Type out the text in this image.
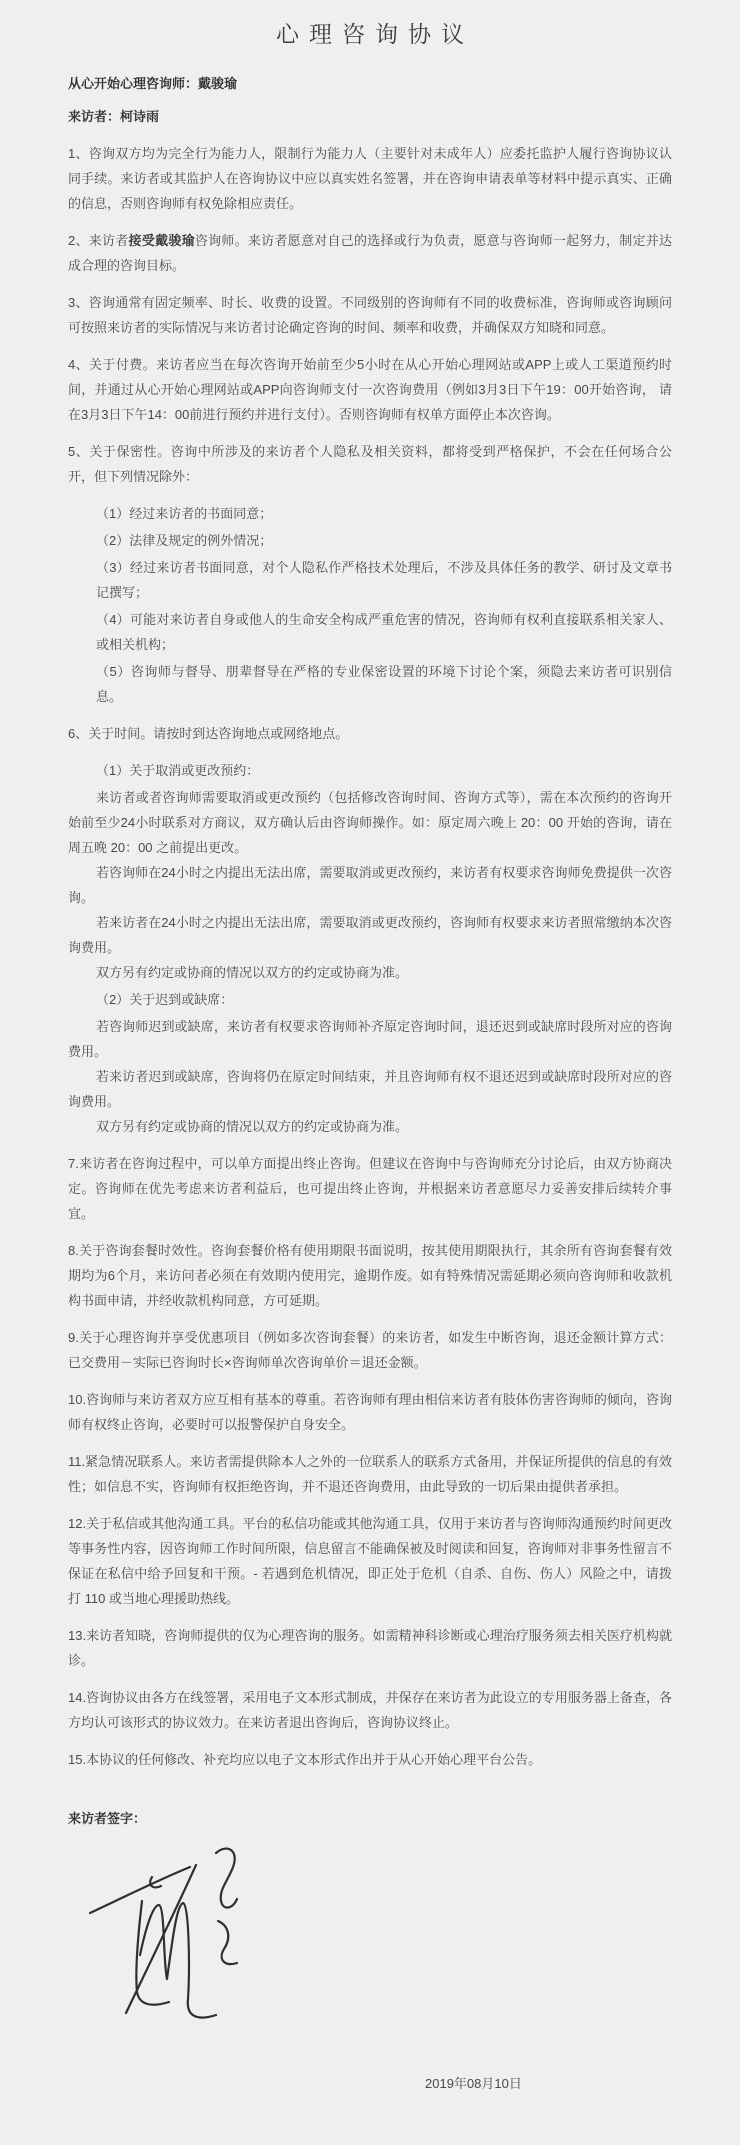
心理咨询协议

从心开始心理咨询师：戴骏瑜

来访者：柯诗雨

1、咨询双方均为完全行为能力人，限制行为能力人（主要针对未成年人）应委托监护人履行咨询协议认同手续。来访者或其监护人在咨询协议中应以真实姓名签署，并在咨询申请表单等材料中提示真实、正确的信息，否则咨询师有权免除相应责任。

2、来访者接受戴骏瑜咨询师。来访者愿意对自己的选择或行为负责，愿意与咨询师一起努力，制定并达成合理的咨询目标。

3、咨询通常有固定频率、时长、收费的设置。不同级别的咨询师有不同的收费标准，咨询师或咨询顾问可按照来访者的实际情况与来访者讨论确定咨询的时间、频率和收费，并确保双方知晓和同意。

4、关于付费。来访者应当在每次咨询开始前至少5小时在从心开始心理网站或APP上或人工渠道预约时间，并通过从心开始心理网站或APP向咨询师支付一次咨询费用（例如3月3日下午19：00开始咨询， 请在3月3日下午14：00前进行预约并进行支付）。否则咨询师有权单方面停止本次咨询。

5、关于保密性。咨询中所涉及的来访者个人隐私及相关资料，都将受到严格保护，不会在任何场合公开，但下列情况除外：

（1）经过来访者的书面同意；

（2）法律及规定的例外情况；

（3）经过来访者书面同意，对个人隐私作严格技术处理后，不涉及具体任务的教学、研讨及文章书记撰写；

（4）可能对来访者自身或他人的生命安全构成严重危害的情况，咨询师有权利直接联系相关家人、或相关机构；

（5）咨询师与督导、朋辈督导在严格的专业保密设置的环境下讨论个案，须隐去来访者可识别信息。

6、关于时间。请按时到达咨询地点或网络地点。

（1）关于取消或更改预约：

来访者或者咨询师需要取消或更改预约（包括修改咨询时间、咨询方式等），需在本次预约的咨询开始前至少24小时联系对方商议，双方确认后由咨询师操作。如：原定周六晚上 20：00 开始的咨询，请在周五晚 20：00 之前提出更改。

若咨询师在24小时之内提出无法出席，需要取消或更改预约，来访者有权要求咨询师免费提供一次咨询。

若来访者在24小时之内提出无法出席，需要取消或更改预约，咨询师有权要求来访者照常缴纳本次咨询费用。

双方另有约定或协商的情况以双方的约定或协商为准。

（2）关于迟到或缺席：

若咨询师迟到或缺席，来访者有权要求咨询师补齐原定咨询时间，退还迟到或缺席时段所对应的咨询费用。

若来访者迟到或缺席，咨询将仍在原定时间结束，并且咨询师有权不退还迟到或缺席时段所对应的咨询费用。

双方另有约定或协商的情况以双方的约定或协商为准。

7.来访者在咨询过程中，可以单方面提出终止咨询。但建议在咨询中与咨询师充分讨论后，由双方协商决定。咨询师在优先考虑来访者利益后，也可提出终止咨询，并根据来访者意愿尽力妥善安排后续转介事宜。

8.关于咨询套餐时效性。咨询套餐价格有使用期限书面说明，按其使用期限执行，其余所有咨询套餐有效期均为6个月，来访问者必须在有效期内使用完，逾期作废。如有特殊情况需延期必须向咨询师和收款机构书面申请，并经收款机构同意，方可延期。

9.关于心理咨询并享受优惠项目（例如多次咨询套餐）的来访者，如发生中断咨询，退还金额计算方式：已交费用－实际已咨询时长×咨询师单次咨询单价＝退还金额。

10.咨询师与来访者双方应互相有基本的尊重。若咨询师有理由相信来访者有肢体伤害咨询师的倾向，咨询师有权终止咨询，必要时可以报警保护自身安全。

11.紧急情况联系人。来访者需提供除本人之外的一位联系人的联系方式备用，并保证所提供的信息的有效性；如信息不实，咨询师有权拒绝咨询，并不退还咨询费用，由此导致的一切后果由提供者承担。

12.关于私信或其他沟通工具。平台的私信功能或其他沟通工具，仅用于来访者与咨询师沟通预约时间更改等事务性内容，因咨询师工作时间所限，信息留言不能确保被及时阅读和回复，咨询师对非事务性留言不保证在私信中给予回复和干预。- 若遇到危机情况，即正处于危机（自杀、自伤、伤人）风险之中，请拨打 110 或当地心理援助热线。

13.来访者知晓，咨询师提供的仅为心理咨询的服务。如需精神科诊断或心理治疗服务须去相关医疗机构就诊。

14.咨询协议由各方在线签署，采用电子文本形式制成，并保存在来访者为此设立的专用服务器上备查，各方均认可该形式的协议效力。在来访者退出咨询后，咨询协议终止。

15.本协议的任何修改、补充均应以电子文本形式作出并于从心开始心理平台公告。

来访者签字：

2019年08月10日
